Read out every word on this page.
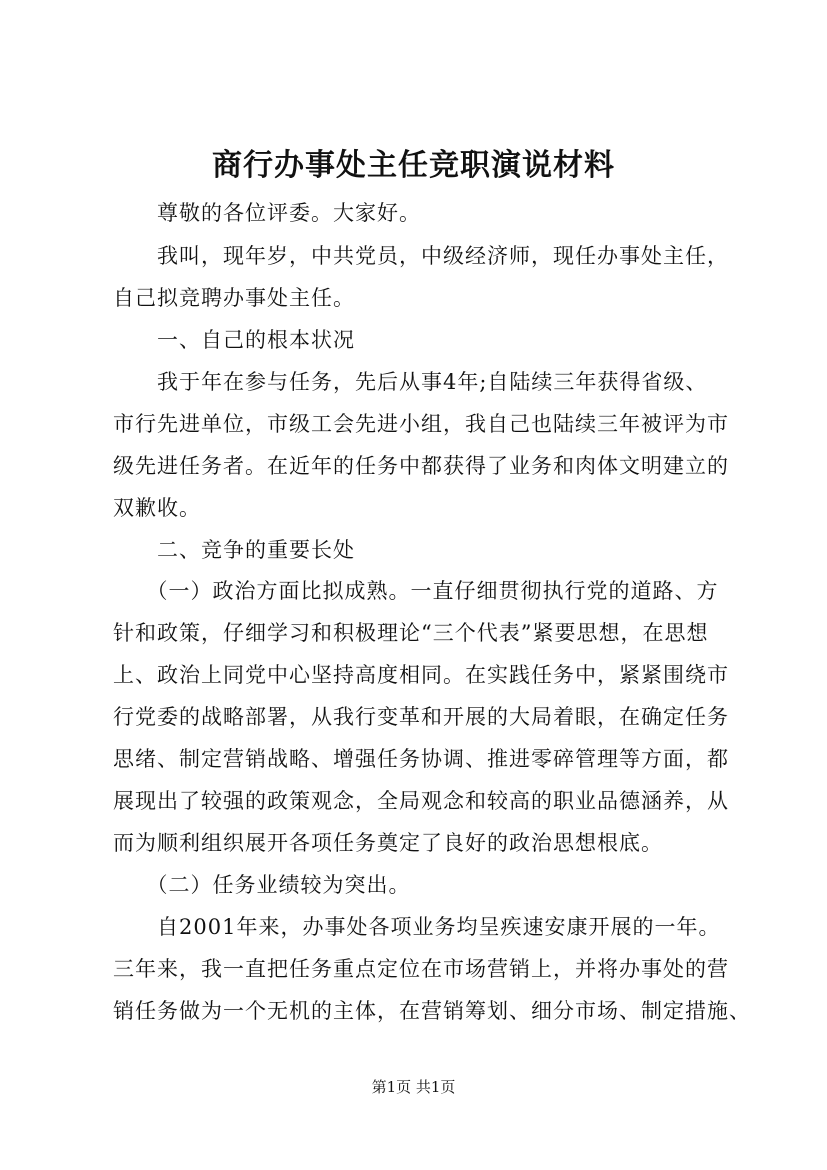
商行办事处主任竞职演说材料
　　尊敬的各位评委。大家好。
　　我叫，现年岁，中共党员，中级经济师，现任办事处主任，
自己拟竞聘办事处主任。
　　一、自己的根本状况
　　我于年在参与任务，先后从事4年;自陆续三年获得省级、
市行先进单位，市级工会先进小组，我自己也陆续三年被评为市
级先进任务者。在近年的任务中都获得了业务和肉体文明建立的
双歉收。
　　二、竞争的重要长处
　　（一）政治方面比拟成熟。一直仔细贯彻执行党的道路、方
针和政策，仔细学习和积极理论“三个代表”紧要思想，在思想
上、政治上同党中心坚持高度相同。在实践任务中，紧紧围绕市
行党委的战略部署，从我行变革和开展的大局着眼，在确定任务
思绪、制定营销战略、增强任务协调、推进零碎管理等方面，都
展现出了较强的政策观念，全局观念和较高的职业品德涵养，从
而为顺利组织展开各项任务奠定了良好的政治思想根底。
　　（二）任务业绩较为突出。
　　自2001年来，办事处各项业务均呈疾速安康开展的一年。
三年来，我一直把任务重点定位在市场营销上，并将办事处的营
销任务做为一个无机的主体，在营销筹划、细分市场、制定措施、
第1页 共1页
